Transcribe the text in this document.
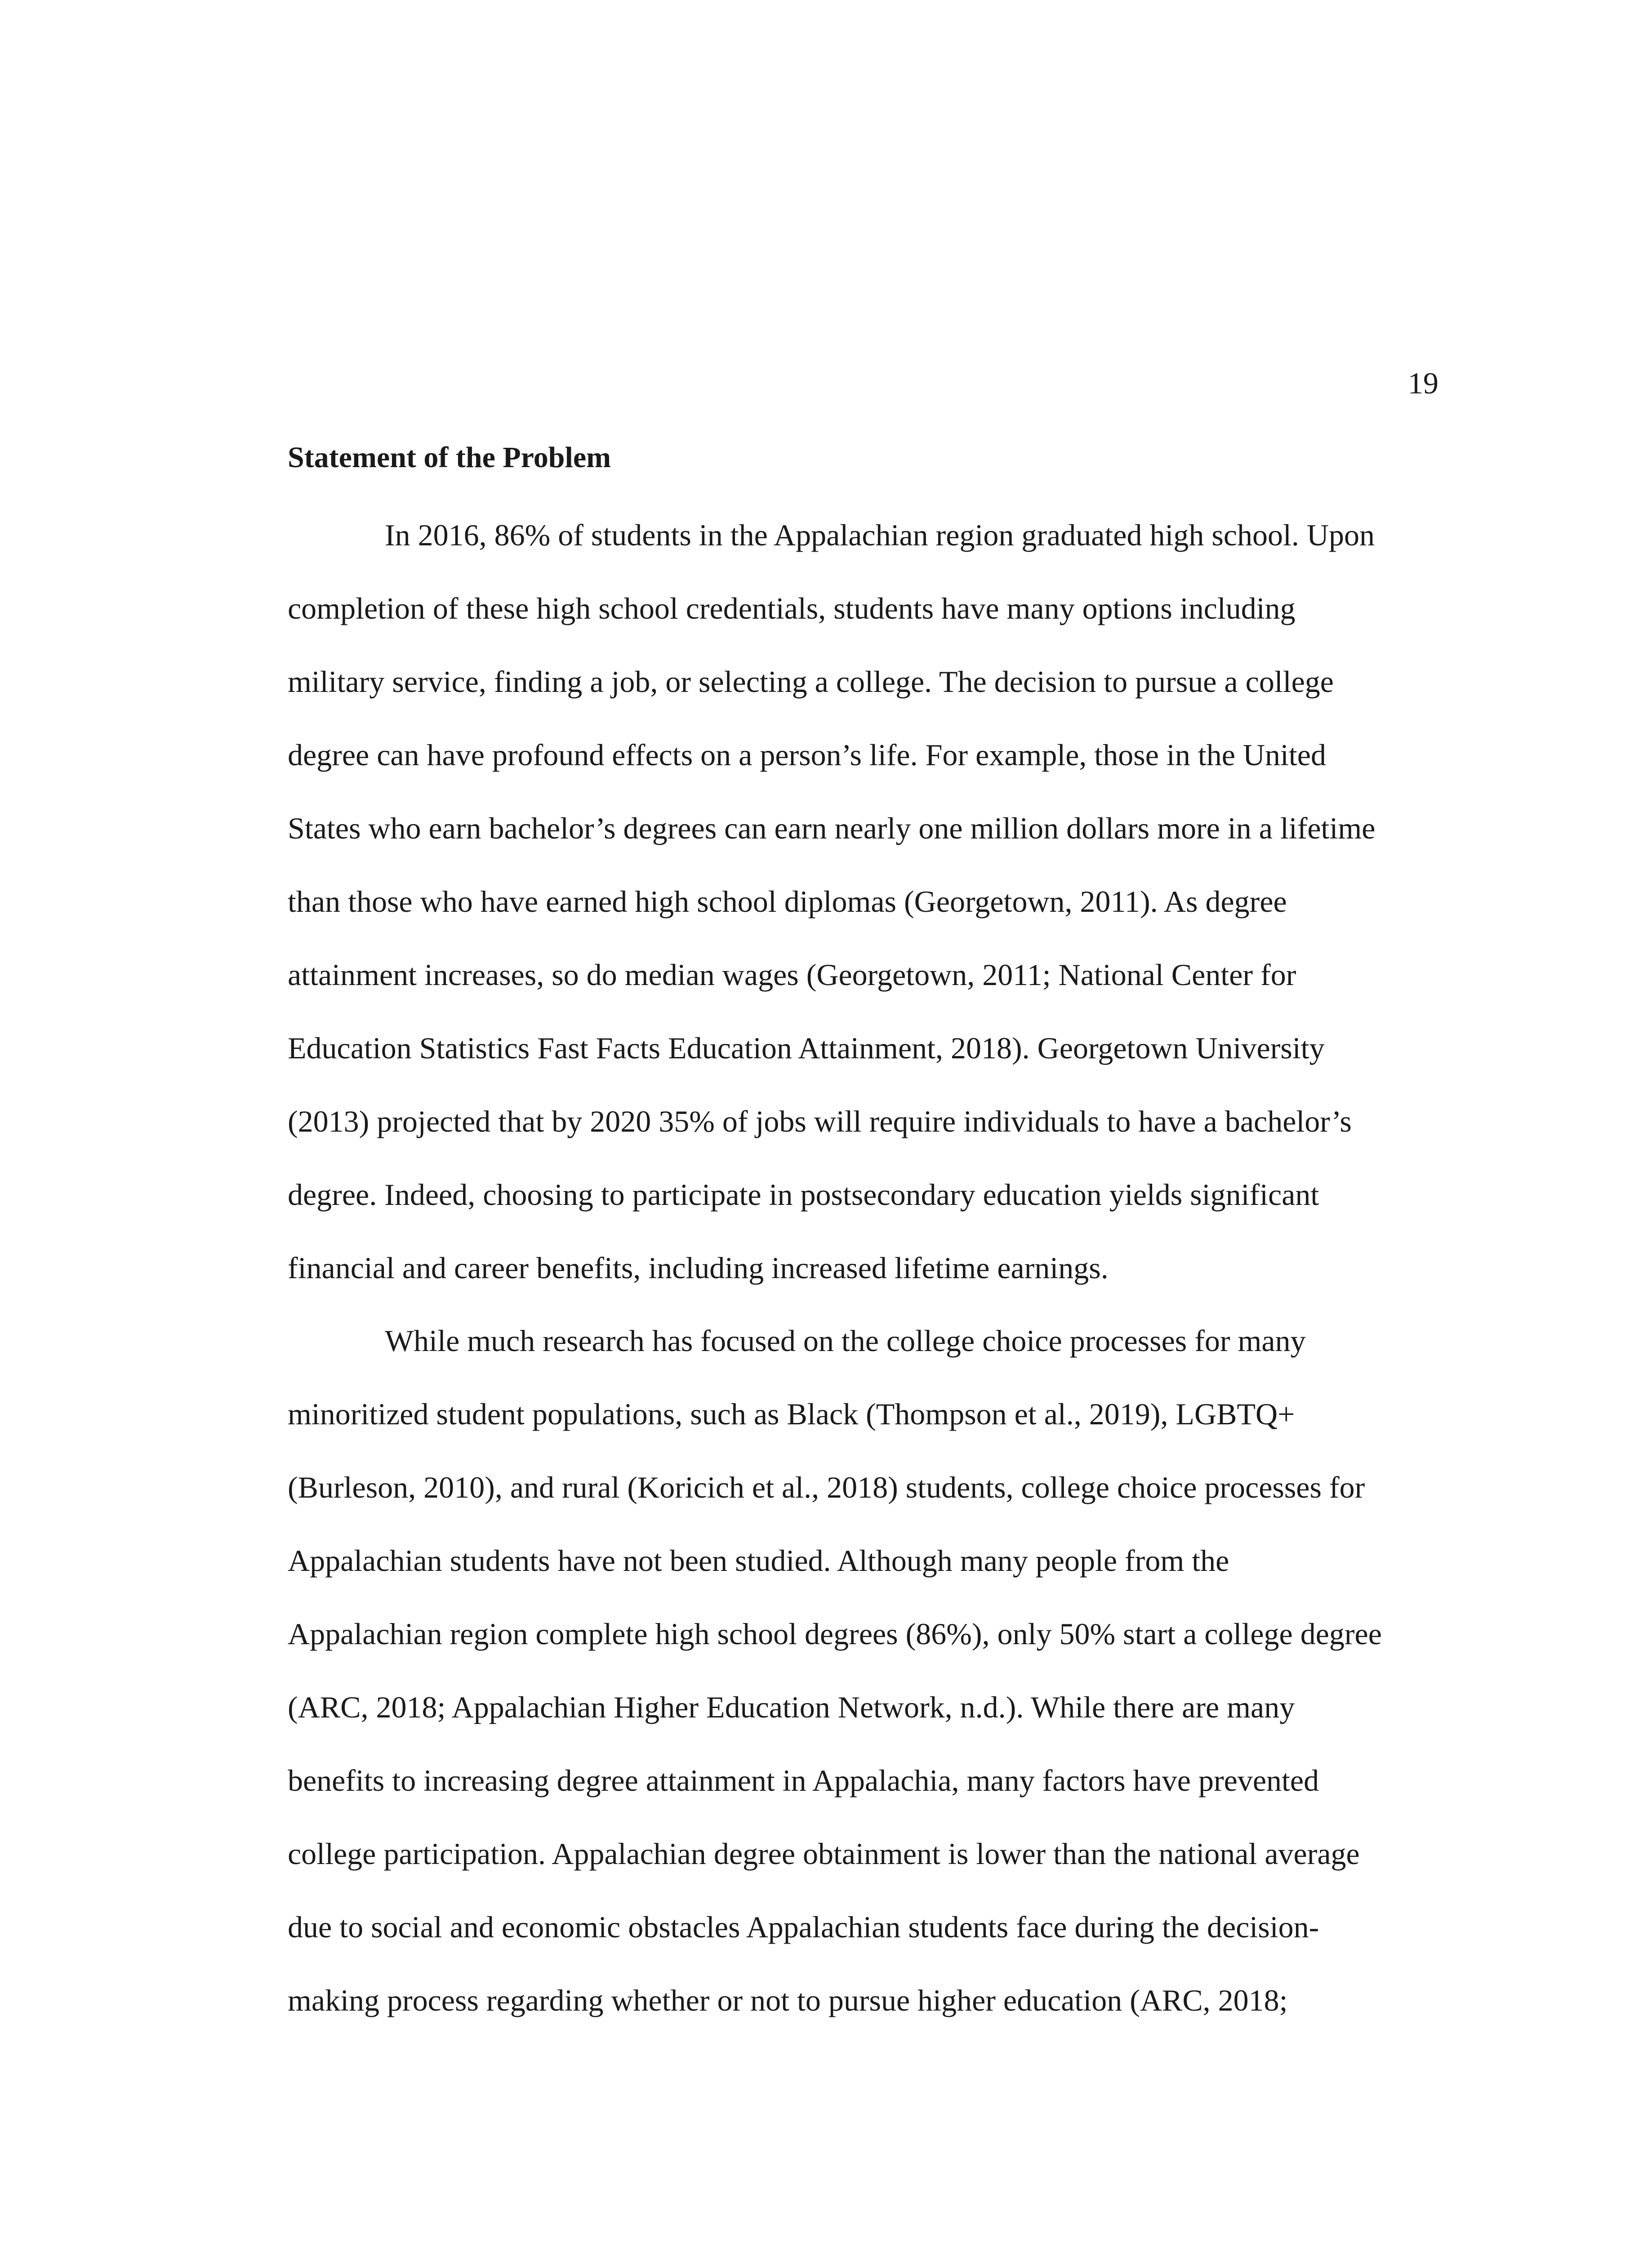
19
Statement of the Problem
In 2016, 86% of students in the Appalachian region graduated high school. Upon
completion of these high school credentials, students have many options including
military service, finding a job, or selecting a college. The decision to pursue a college
degree can have profound effects on a person’s life. For example, those in the United
States who earn bachelor’s degrees can earn nearly one million dollars more in a lifetime
than those who have earned high school diplomas (Georgetown, 2011). As degree
attainment increases, so do median wages (Georgetown, 2011; National Center for
Education Statistics Fast Facts Education Attainment, 2018). Georgetown University
(2013) projected that by 2020 35% of jobs will require individuals to have a bachelor’s
degree. Indeed, choosing to participate in postsecondary education yields significant
financial and career benefits, including increased lifetime earnings.
While much research has focused on the college choice processes for many
minoritized student populations, such as Black (Thompson et al., 2019), LGBTQ+
(Burleson, 2010), and rural (Koricich et al., 2018) students, college choice processes for
Appalachian students have not been studied. Although many people from the
Appalachian region complete high school degrees (86%), only 50% start a college degree
(ARC, 2018; Appalachian Higher Education Network, n.d.). While there are many
benefits to increasing degree attainment in Appalachia, many factors have prevented
college participation. Appalachian degree obtainment is lower than the national average
due to social and economic obstacles Appalachian students face during the decision-
making process regarding whether or not to pursue higher education (ARC, 2018;
